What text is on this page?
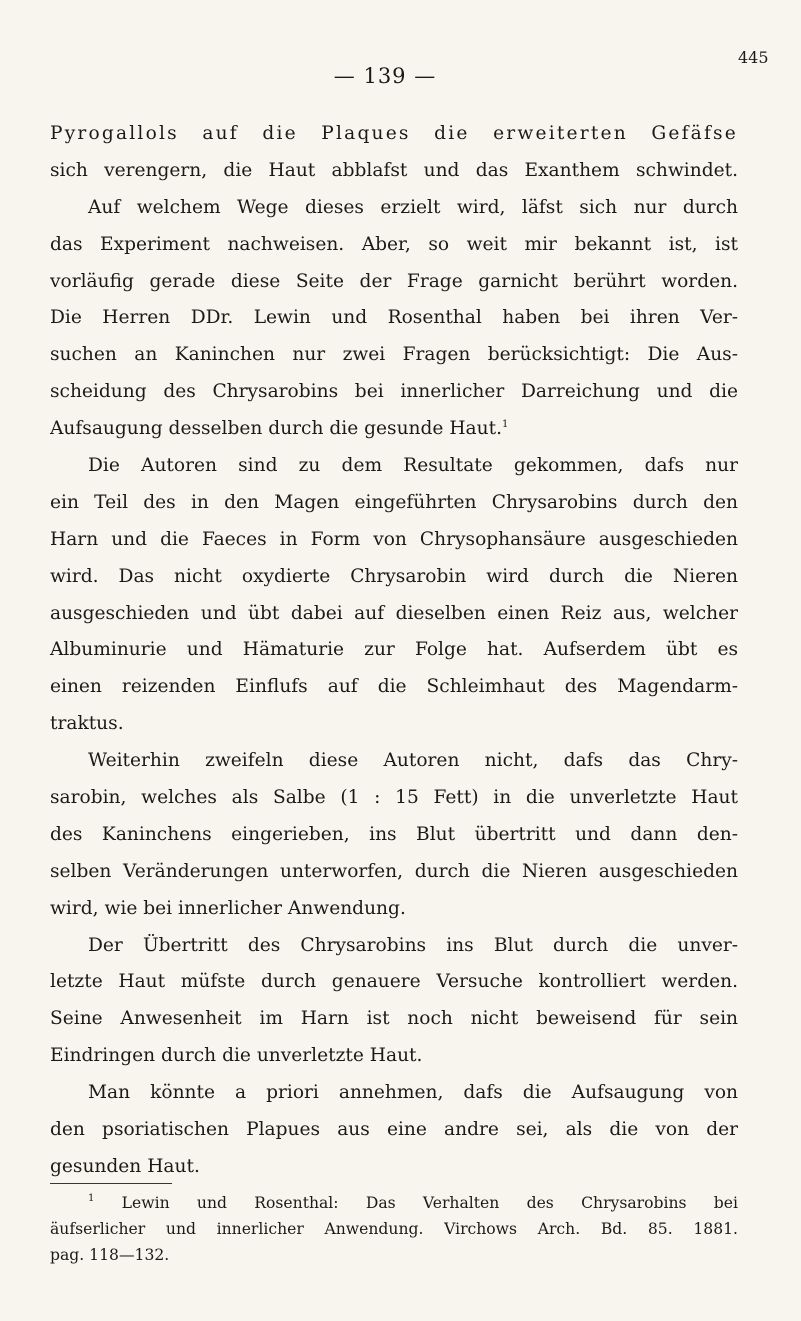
— 139 —
445
Pyrogallols auf die Plaques die erweiterten Gefäfse
sich verengern, die Haut abblafst und das Exanthem schwindet.
Auf welchem Wege dieses erzielt wird, läfst sich nur durch
das Experiment nachweisen. Aber, so weit mir bekannt ist, ist
vorläufig gerade diese Seite der Frage garnicht berührt worden.
Die Herren DDr. Lewin und Rosenthal haben bei ihren Ver-
suchen an Kaninchen nur zwei Fragen berücksichtigt: Die Aus-
scheidung des Chrysarobins bei innerlicher Darreichung und die
Aufsaugung desselben durch die gesunde Haut.$^1$
Die Autoren sind zu dem Resultate gekommen, dafs nur
ein Teil des in den Magen eingeführten Chrysarobins durch den
Harn und die Faeces in Form von Chrysophansäure ausgeschieden
wird. Das nicht oxydierte Chrysarobin wird durch die Nieren
ausgeschieden und übt dabei auf dieselben einen Reiz aus, welcher
Albuminurie und Hämaturie zur Folge hat. Aufserdem übt es
einen reizenden Einflufs auf die Schleimhaut des Magendarm-
traktus.
Weiterhin zweifeln diese Autoren nicht, dafs das Chry-
sarobin, welches als Salbe (1 : 15 Fett) in die unverletzte Haut
des Kaninchens eingerieben, ins Blut übertritt und dann den-
selben Veränderungen unterworfen, durch die Nieren ausgeschieden
wird, wie bei innerlicher Anwendung.
Der Übertritt des Chrysarobins ins Blut durch die unver-
letzte Haut müfste durch genauere Versuche kontrolliert werden.
Seine Anwesenheit im Harn ist noch nicht beweisend für sein
Eindringen durch die unverletzte Haut.
Man könnte a priori annehmen, dafs die Aufsaugung von
den psoriatischen Plapues aus eine andre sei, als die von der
gesunden Haut.
$^1$ Lewin und Rosenthal: Das Verhalten des Chrysarobins bei
äufserlicher und innerlicher Anwendung. Virchows Arch. Bd. 85. 1881.
pag. 118—132.
